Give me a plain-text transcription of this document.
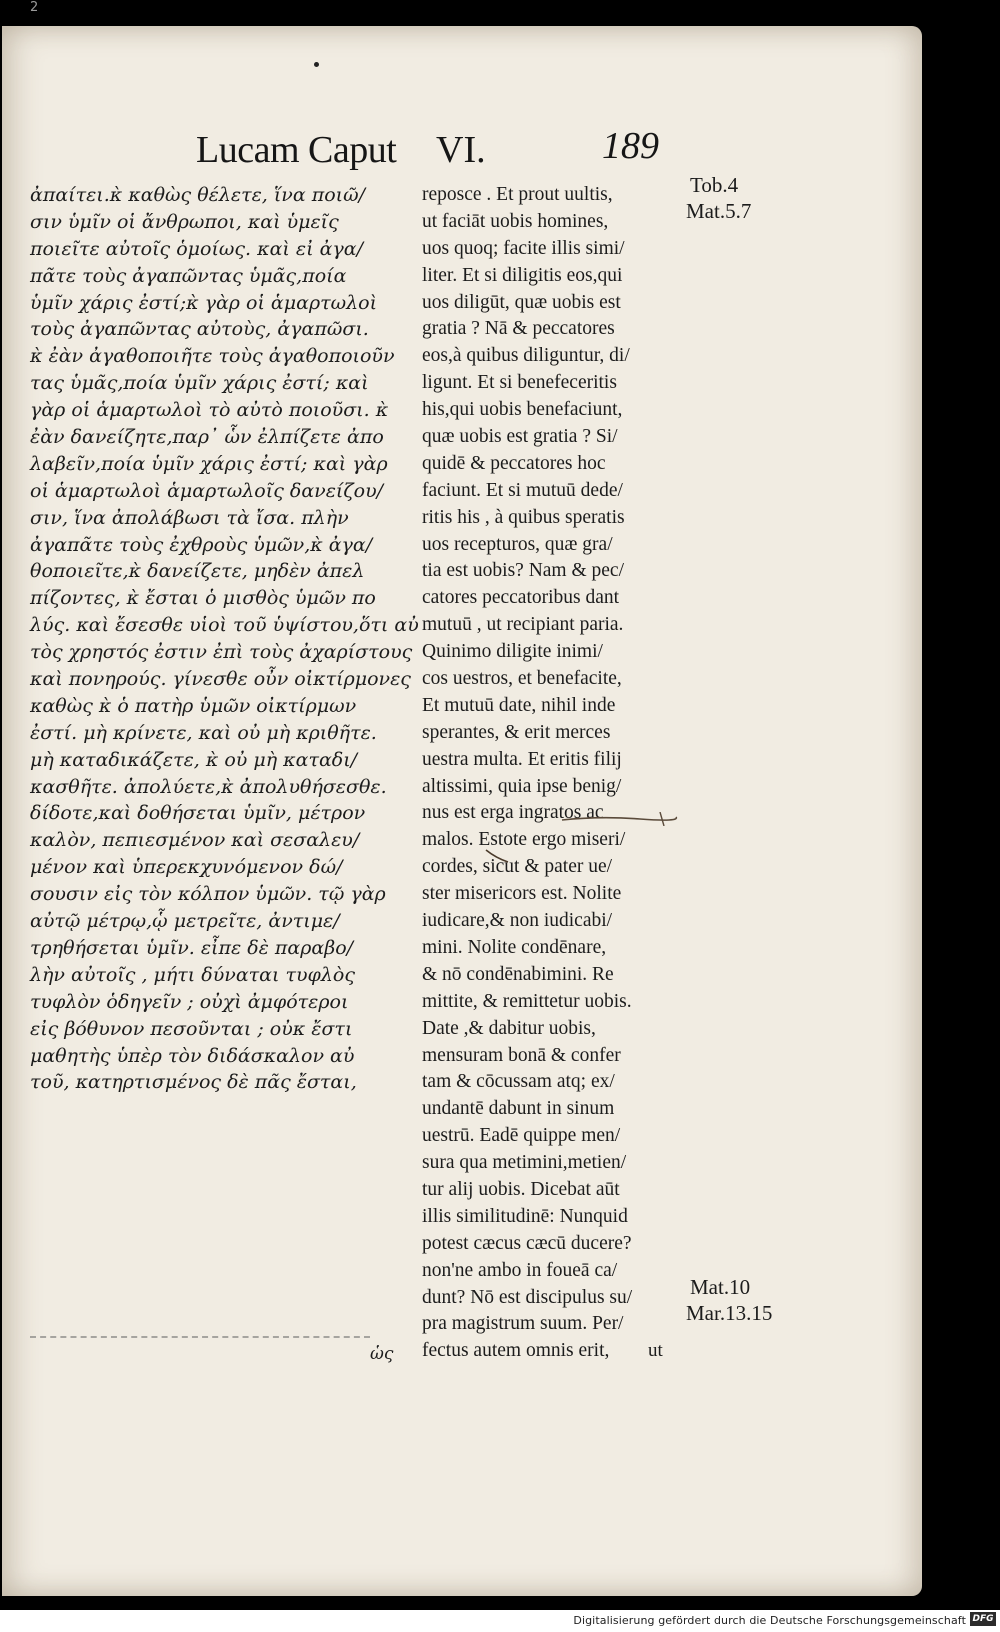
2
Lucam Caput VI.	189
ἀπαίτει.κ̀ καθὼς θέλετε, ἵνα ποιῶ/
σιν ὑμῖν οἱ ἄνθρωποι, καὶ ὑμεῖς
ποιεῖτε αὐτοῖς ὁμοίως. καὶ εἰ ἀγα/
πᾶτε τοὺς ἀγαπῶντας ὑμᾶς,ποία
ὑμῖν χάρις ἐστί;κ̀ γὰρ οἱ ἁμαρτωλοὶ
τοὺς ἀγαπῶντας αὐτοὺς, ἀγαπῶσι.
κ̀ ἐὰν ἀγαθοποιῆτε τοὺς ἀγαθοποιοῦν
τας ὑμᾶς,ποία ὑμῖν χάρις ἐστί; καὶ
γὰρ οἱ ἁμαρτωλοὶ τὸ αὐτὸ ποιοῦσι. κ̀
ἐὰν δανείζητε,παρ᾽ ὧν ἐλπίζετε ἀπο
λαβεῖν,ποία ὑμῖν χάρις ἐστί; καὶ γὰρ
οἱ ἁμαρτωλοὶ ἁμαρτωλοῖς δανείζου/
σιν, ἵνα ἀπολάβωσι τὰ ἴσα. πλὴν
ἀγαπᾶτε τοὺς ἐχθροὺς ὑμῶν,κ̀ ἀγα/
θοποιεῖτε,κ̀ δανείζετε, μηδὲν ἀπελ
πίζοντες, κ̀ ἔσται ὁ μισθὸς ὑμῶν πο
λύς. καὶ ἔσεσθε υἱοὶ τοῦ ὑψίστου,ὅτι αὐ
τὸς χρηστός ἐστιν ἐπὶ τοὺς ἀχαρίστους
καὶ πονηρούς. γίνεσθε οὖν οἰκτίρμονες
καθὼς κ̀ ὁ πατὴρ ὑμῶν οἰκτίρμων
ἐστί. μὴ κρίνετε, καὶ οὐ μὴ κριθῆτε.
μὴ καταδικάζετε, κ̀ οὐ μὴ καταδι/
κασθῆτε. ἀπολύετε,κ̀ ἀπολυθήσεσθε.
δίδοτε,καὶ δοθήσεται ὑμῖν, μέτρον
καλὸν, πεπιεσμένον καὶ σεσαλευ/
μένον καὶ ὑπερεκχυνόμενον δώ/
σουσιν εἰς τὸν κόλπον ὑμῶν. τῷ γὰρ
αὐτῷ μέτρῳ,ᾧ μετρεῖτε, ἀντιμε/
τρηθήσεται ὑμῖν. εἶπε δὲ παραβο/
λὴν αὐτοῖς , μήτι δύναται τυφλὸς
τυφλὸν ὁδηγεῖν ; οὐχὶ ἀμφότεροι
εἰς βόθυνον πεσοῦνται ; οὐκ ἔστι
μαθητὴς ὑπὲρ τὸν διδάσκαλον αὐ
τοῦ, κατηρτισμένος δὲ πᾶς ἔσται,
reposce . Et prout uultis,
ut faciāt uobis homines,
uos quoq; facite illis simi/
liter. Et si diligitis eos,qui
uos diligūt, quæ uobis est
gratia ? Nā & peccatores
eos,à quibus diliguntur, di/
ligunt. Et si benefeceritis
his,qui uobis benefaciunt,
quæ uobis est gratia ? Si/
quidē & peccatores hoc
faciunt. Et si mutuū dede/
ritis his , à quibus speratis
uos recepturos, quæ gra/
tia est uobis? Nam & pec/
catores peccatoribus dant
mutuū , ut recipiant paria.
Quinimo diligite inimi/
cos uestros, et benefacite,
Et mutuū date, nihil inde
sperantes, & erit merces
uestra multa. Et eritis filij
altissimi, quia ipse benig/
nus est erga ingratos ac
malos. Estote ergo miseri/
cordes, sicut & pater ue/
ster misericors est. Nolite
iudicare,& non iudicabi/
mini. Nolite condēnare,
& nō condēnabimini. Re
mittite, & remittetur uobis.
Date ,& dabitur uobis,
mensuram bonā & confer
tam & cōcussam atq; ex/
undantē dabunt in sinum
uestrū. Eadē quippe men/
sura qua metimini,metien/
tur alij uobis. Dicebat aūt
illis similitudinē: Nunquid
potest cæcus cæcū ducere?
non'ne ambo in foueā ca/
dunt? Nō est discipulus su/
pra magistrum suum. Per/
fectus autem omnis erit,
ὡς	ut
Tob.4
Mat.5.7
Mat.10
Mar.13.15
Digitalisierung gefördert durch die Deutsche Forschungsgemeinschaft DFG
